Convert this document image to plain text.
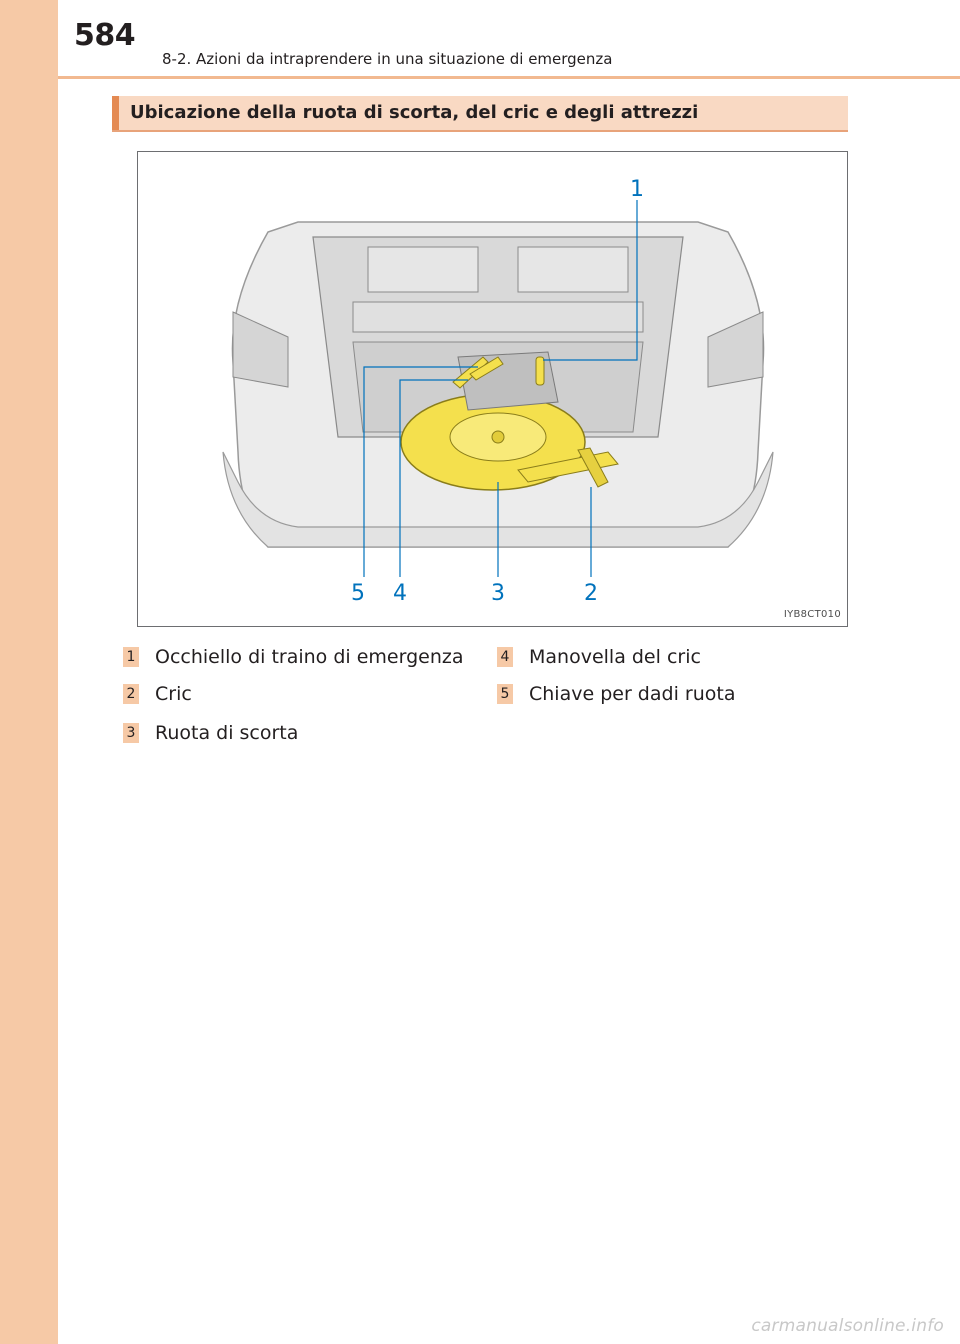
584
8-2. Azioni da intraprendere in una situazione di emergenza
Ubicazione della ruota di scorta, del cric e degli attrezzi
1
2
3
4
5
IYB8CT010
1 Occhiello di traino di emergenza
2 Cric
3 Ruota di scorta
4 Manovella del cric
5 Chiave per dadi ruota
carmanualsonline.info
